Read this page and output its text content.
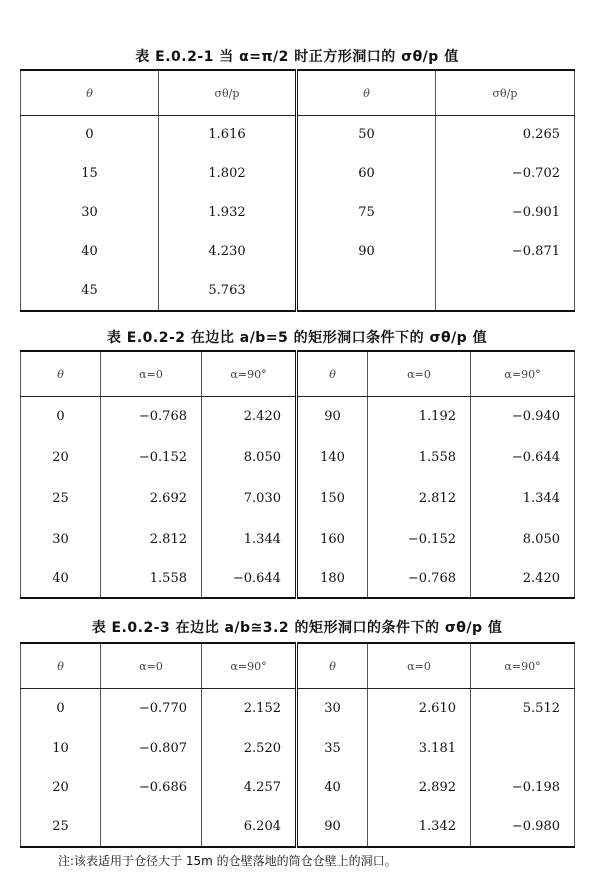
表 E.0.2-1 当 α=π/2 时正方形洞口的 σθ/p 值
θ	σθ/p	θ	σθ/p
0	1.616	50	0.265
15	1.802	60	−0.702
30	1.932	75	−0.901
40	4.230	90	−0.871
45	5.763		
表 E.0.2-2 在边比 a/b=5 的矩形洞口条件下的 σθ/p 值
θ	α=0	α=90°	θ	α=0	α=90°
0	−0.768	2.420	90	1.192	−0.940
20	−0.152	8.050	140	1.558	−0.644
25	2.692	7.030	150	2.812	1.344
30	2.812	1.344	160	−0.152	8.050
40	1.558	−0.644	180	−0.768	2.420
表 E.0.2-3 在边比 a/b≅3.2 的矩形洞口的条件下的 σθ/p 值
θ	α=0	α=90°	θ	α=0	α=90°
0	−0.770	2.152	30	2.610	5.512
10	−0.807	2.520	35	3.181	
20	−0.686	4.257	40	2.892	−0.198
25		6.204	90	1.342	−0.980
注:该表适用于仓径大于 15m 的仓壁落地的筒仓仓壁上的洞口。
